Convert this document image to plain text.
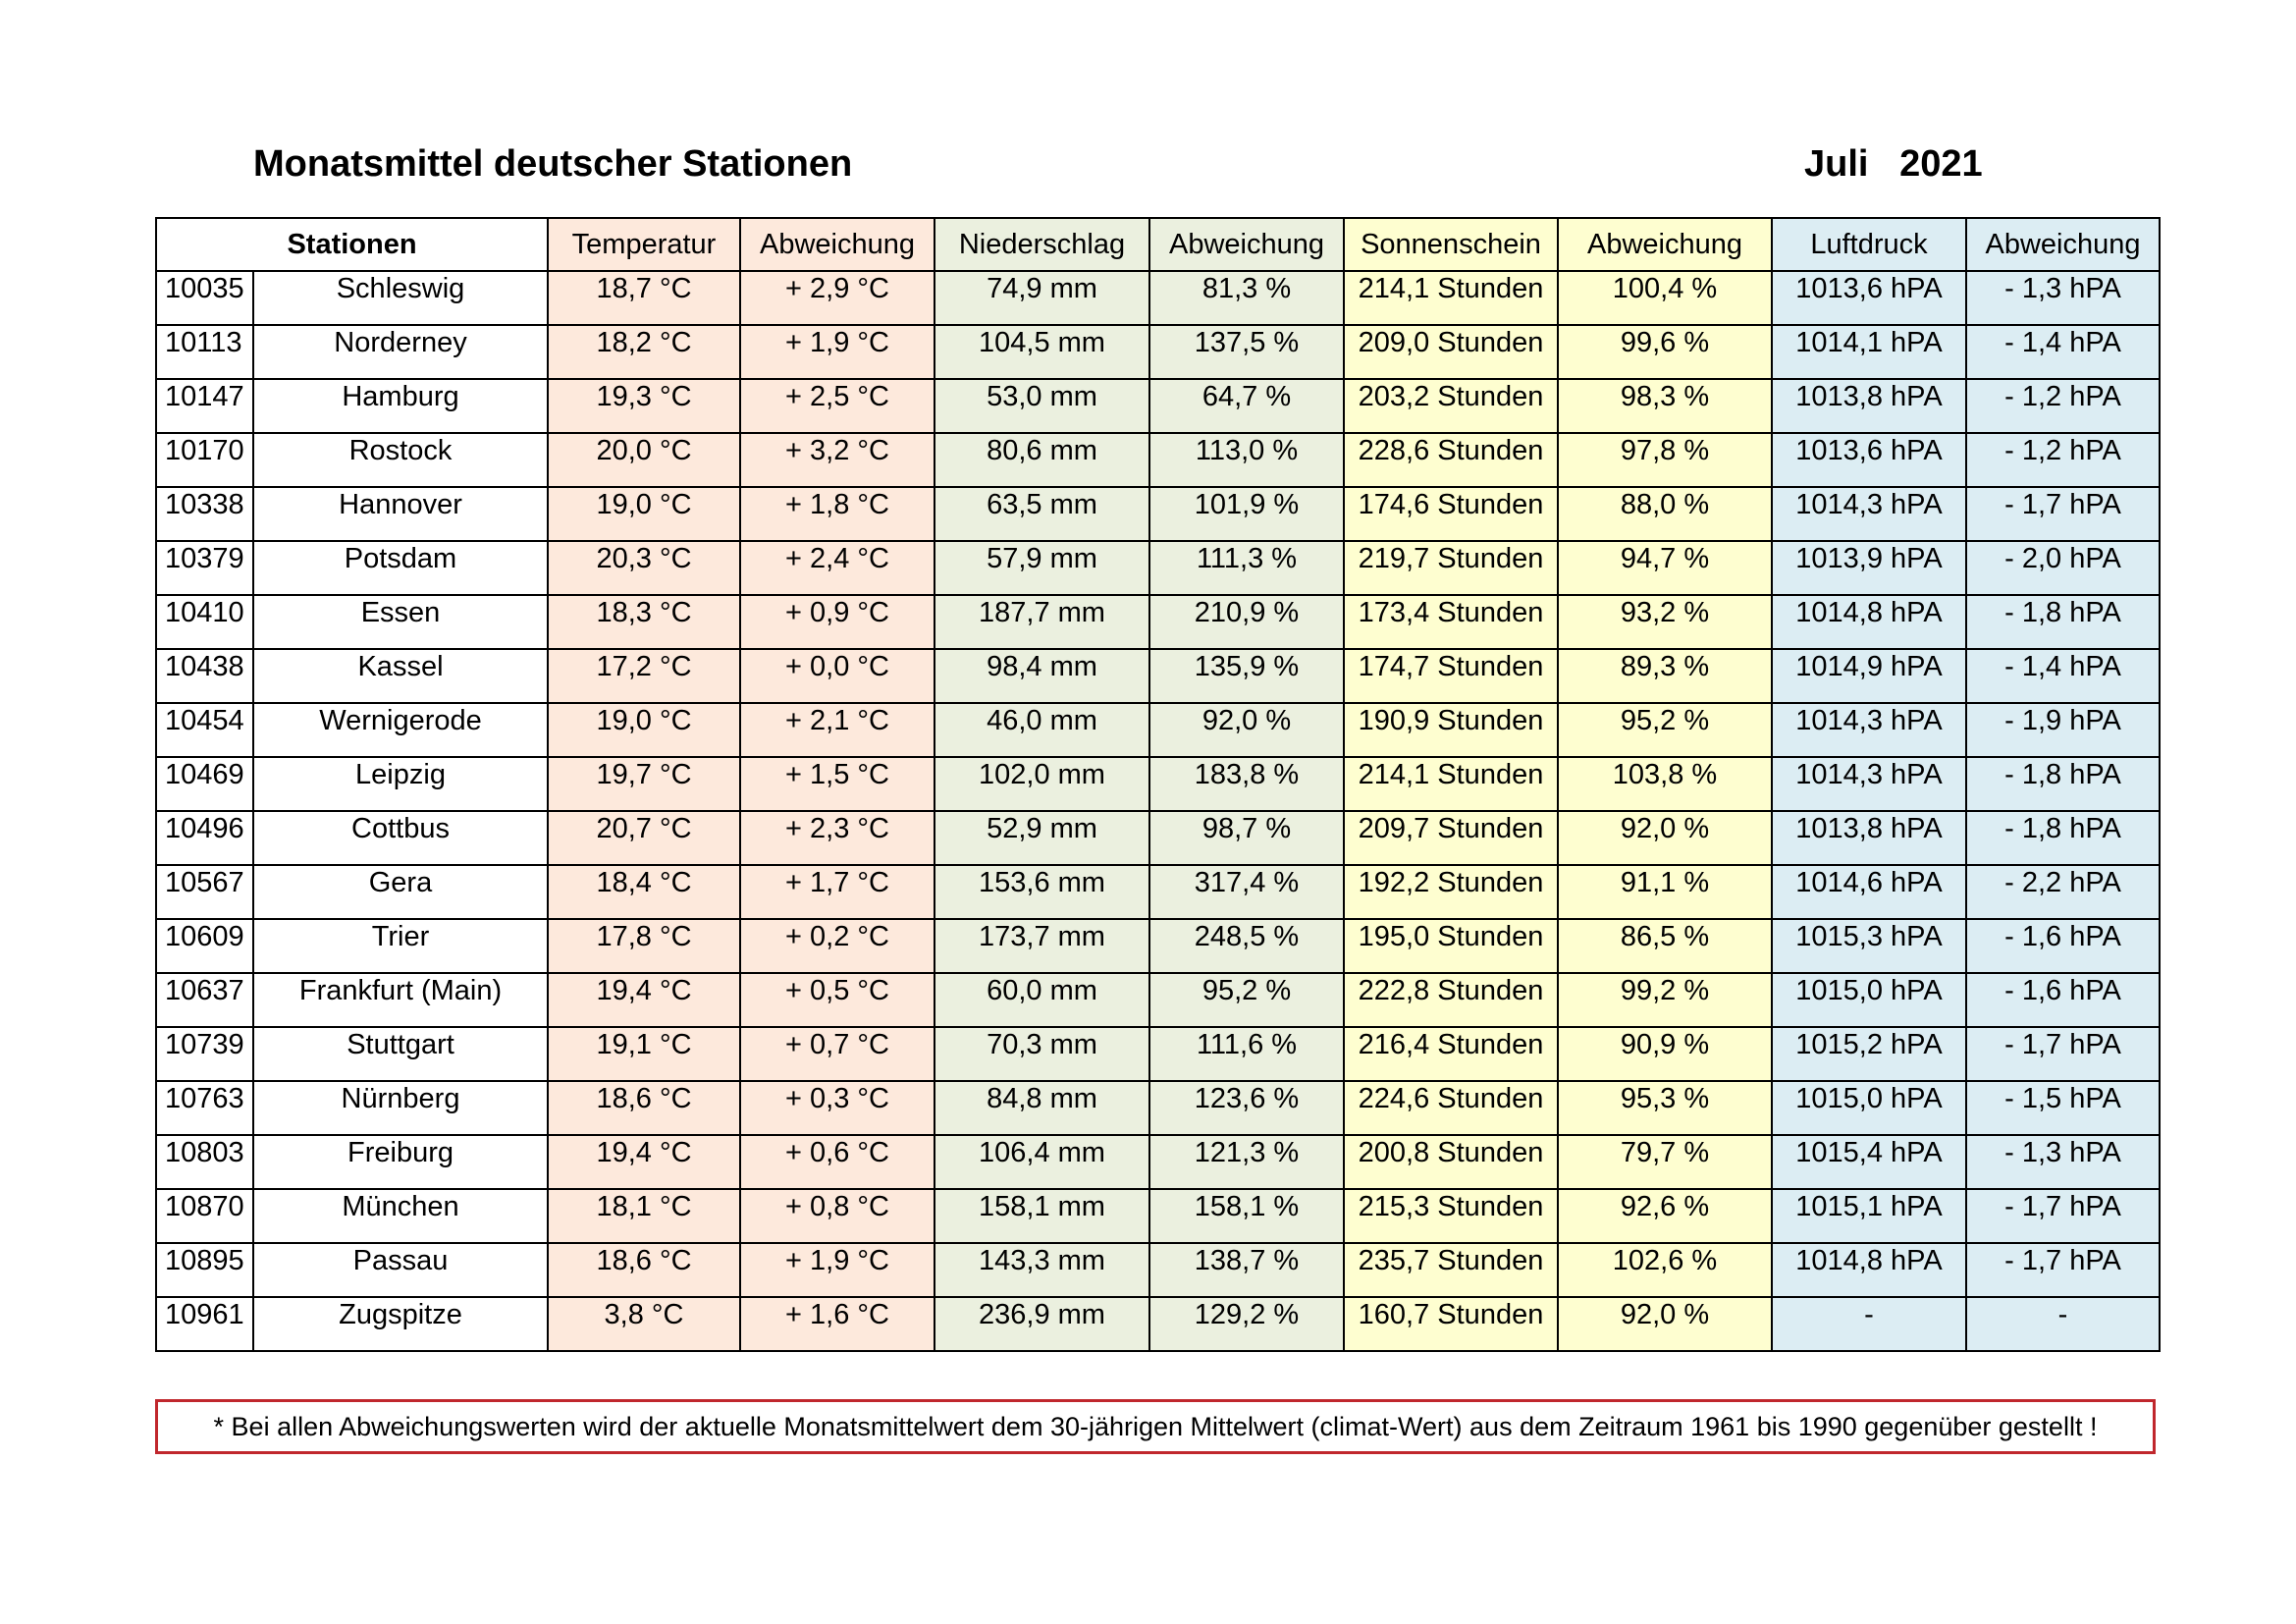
Monatsmittel deutscher Stationen	Juli   2021
Stationen		Temperatur	Abweichung	Niederschlag	Abweichung	Sonnenschein	Abweichung	Luftdruck	Abweichung
10035	Schleswig	18,7 °C	+ 2,9 °C	74,9 mm	81,3 %	214,1 Stunden	100,4 %	1013,6 hPA	- 1,3 hPA
10113	Norderney	18,2 °C	+ 1,9 °C	104,5 mm	137,5 %	209,0 Stunden	99,6 %	1014,1 hPA	- 1,4 hPA
10147	Hamburg	19,3 °C	+ 2,5 °C	53,0 mm	64,7 %	203,2 Stunden	98,3 %	1013,8 hPA	- 1,2 hPA
10170	Rostock	20,0 °C	+ 3,2 °C	80,6 mm	113,0 %	228,6 Stunden	97,8 %	1013,6 hPA	- 1,2 hPA
10338	Hannover	19,0 °C	+ 1,8 °C	63,5 mm	101,9 %	174,6 Stunden	88,0 %	1014,3 hPA	- 1,7 hPA
10379	Potsdam	20,3 °C	+ 2,4 °C	57,9 mm	111,3 %	219,7 Stunden	94,7 %	1013,9 hPA	- 2,0 hPA
10410	Essen	18,3 °C	+ 0,9 °C	187,7 mm	210,9 %	173,4 Stunden	93,2 %	1014,8 hPA	- 1,8 hPA
10438	Kassel	17,2 °C	+ 0,0 °C	98,4 mm	135,9 %	174,7 Stunden	89,3 %	1014,9 hPA	- 1,4 hPA
10454	Wernigerode	19,0 °C	+ 2,1 °C	46,0 mm	92,0 %	190,9 Stunden	95,2 %	1014,3 hPA	- 1,9 hPA
10469	Leipzig	19,7 °C	+ 1,5 °C	102,0 mm	183,8 %	214,1 Stunden	103,8 %	1014,3 hPA	- 1,8 hPA
10496	Cottbus	20,7 °C	+ 2,3 °C	52,9 mm	98,7 %	209,7 Stunden	92,0 %	1013,8 hPA	- 1,8 hPA
10567	Gera	18,4 °C	+ 1,7 °C	153,6 mm	317,4 %	192,2 Stunden	91,1 %	1014,6 hPA	- 2,2 hPA
10609	Trier	17,8 °C	+ 0,2 °C	173,7 mm	248,5 %	195,0 Stunden	86,5 %	1015,3 hPA	- 1,6 hPA
10637	Frankfurt (Main)	19,4 °C	+ 0,5 °C	60,0 mm	95,2 %	222,8 Stunden	99,2 %	1015,0 hPA	- 1,6 hPA
10739	Stuttgart	19,1 °C	+ 0,7 °C	70,3 mm	111,6 %	216,4 Stunden	90,9 %	1015,2 hPA	- 1,7 hPA
10763	Nürnberg	18,6 °C	+ 0,3 °C	84,8 mm	123,6 %	224,6 Stunden	95,3 %	1015,0 hPA	- 1,5 hPA
10803	Freiburg	19,4 °C	+ 0,6 °C	106,4 mm	121,3 %	200,8 Stunden	79,7 %	1015,4 hPA	- 1,3 hPA
10870	München	18,1 °C	+ 0,8 °C	158,1 mm	158,1 %	215,3 Stunden	92,6 %	1015,1 hPA	- 1,7 hPA
10895	Passau	18,6 °C	+ 1,9 °C	143,3 mm	138,7 %	235,7 Stunden	102,6 %	1014,8 hPA	- 1,7 hPA
10961	Zugspitze	3,8 °C	+ 1,6 °C	236,9 mm	129,2 %	160,7 Stunden	92,0 %	-	-
* Bei allen Abweichungswerten wird der aktuelle Monatsmittelwert dem 30-jährigen Mittelwert (climat-Wert) aus dem Zeitraum 1961 bis 1990 gegenüber gestellt !
